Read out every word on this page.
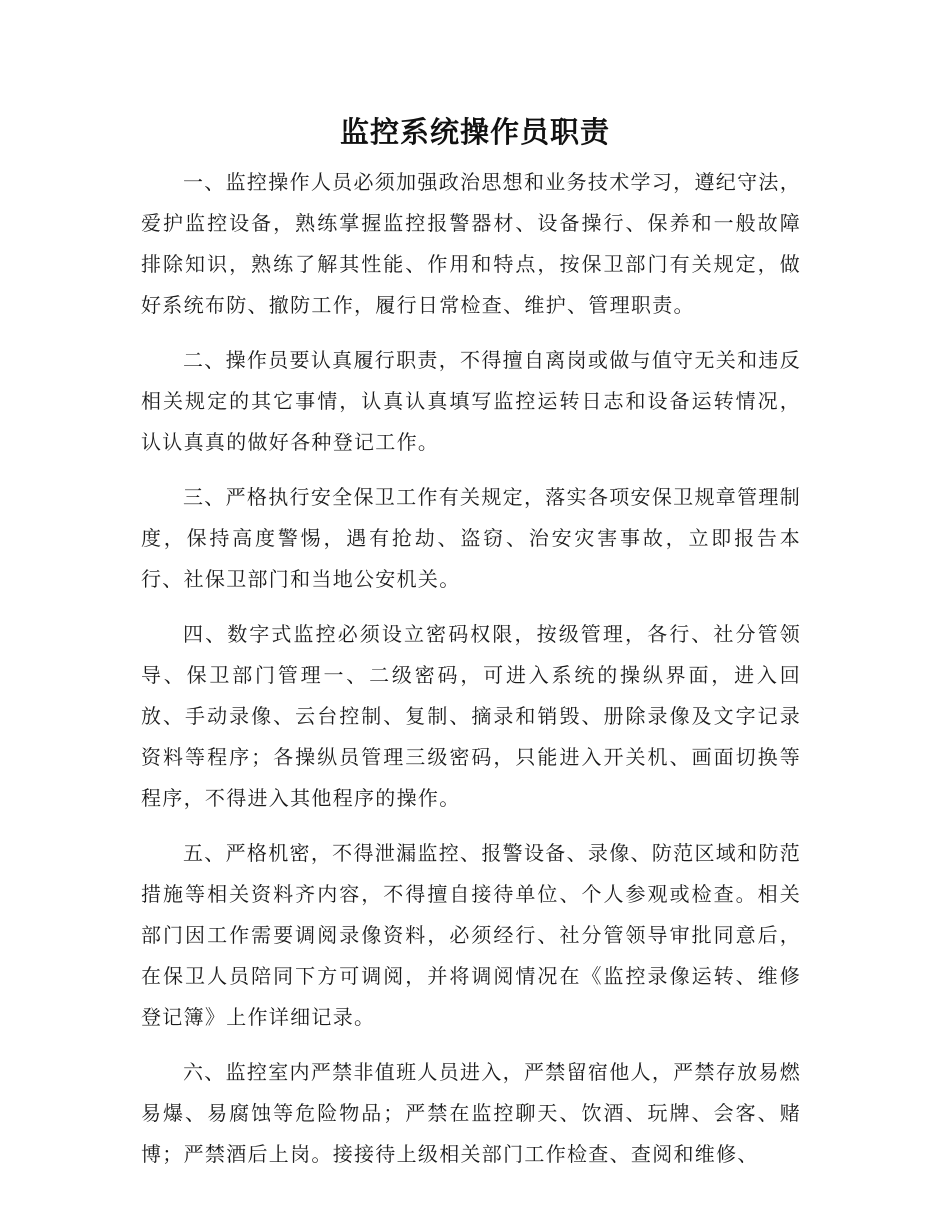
监控系统操作员职责

一、监控操作人员必须加强政治思想和业务技术学习，遵纪守法，爱护监控设备，熟练掌握监控报警器材、设备操行、保养和一般故障排除知识，熟练了解其性能、作用和特点，按保卫部门有关规定，做好系统布防、撤防工作，履行日常检查、维护、管理职责。

二、操作员要认真履行职责，不得擅自离岗或做与值守无关和违反相关规定的其它事情，认真认真填写监控运转日志和设备运转情况，认认真真的做好各种登记工作。

三、严格执行安全保卫工作有关规定，落实各项安保卫规章管理制度，保持高度警惕，遇有抢劫、盗窃、治安灾害事故，立即报告本行、社保卫部门和当地公安机关。

四、数字式监控必须设立密码权限，按级管理，各行、社分管领导、保卫部门管理一、二级密码，可进入系统的操纵界面，进入回放、手动录像、云台控制、复制、摘录和销毁、册除录像及文字记录资料等程序；各操纵员管理三级密码，只能进入开关机、画面切换等程序，不得进入其他程序的操作。

五、严格机密，不得泄漏监控、报警设备、录像、防范区域和防范措施等相关资料齐内容，不得擅自接待单位、个人参观或检查。相关部门因工作需要调阅录像资料，必须经行、社分管领导审批同意后，在保卫人员陪同下方可调阅，并将调阅情况在《监控录像运转、维修登记簿》上作详细记录。

六、监控室内严禁非值班人员进入，严禁留宿他人，严禁存放易燃易爆、易腐蚀等危险物品；严禁在监控聊天、饮酒、玩牌、会客、赌博；严禁酒后上岗。接接待上级相关部门工作检查、查阅和维修、
